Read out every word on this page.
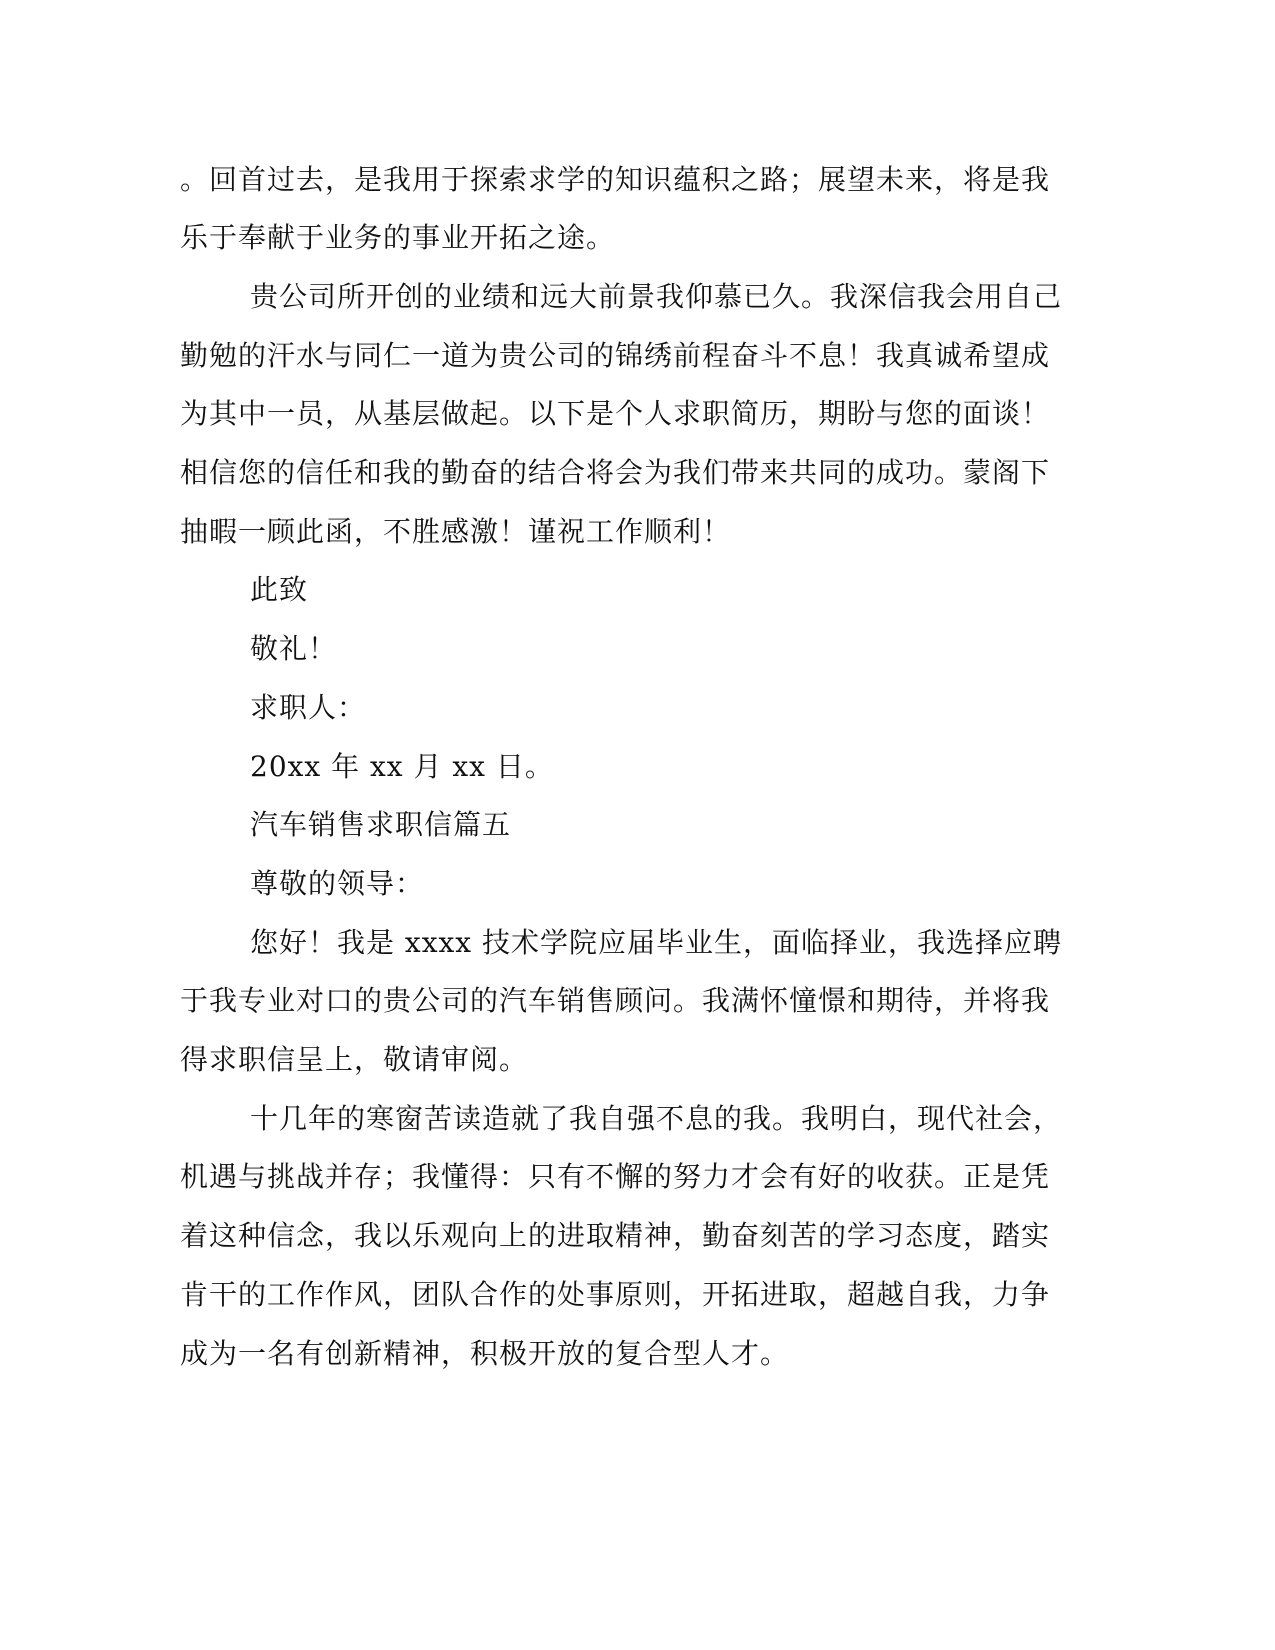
。回首过去，是我用于探索求学的知识蕴积之路；展望未来，将是我
乐于奉献于业务的事业开拓之途。
贵公司所开创的业绩和远大前景我仰慕已久。我深信我会用自己
勤勉的汗水与同仁一道为贵公司的锦绣前程奋斗不息！我真诚希望成
为其中一员，从基层做起。以下是个人求职简历，期盼与您的面谈！
相信您的信任和我的勤奋的结合将会为我们带来共同的成功。蒙阁下
抽暇一顾此函，不胜感激！谨祝工作顺利！
此致
敬礼！
求职人：
20xx 年 xx 月 xx 日。
汽车销售求职信篇五
尊敬的领导：
您好！我是 xxxx 技术学院应届毕业生，面临择业，我选择应聘
于我专业对口的贵公司的汽车销售顾问。我满怀憧憬和期待，并将我
得求职信呈上，敬请审阅。
十几年的寒窗苦读造就了我自强不息的我。我明白，现代社会，
机遇与挑战并存；我懂得：只有不懈的努力才会有好的收获。正是凭
着这种信念，我以乐观向上的进取精神，勤奋刻苦的学习态度，踏实
肯干的工作作风，团队合作的处事原则，开拓进取，超越自我，力争
成为一名有创新精神，积极开放的复合型人才。
